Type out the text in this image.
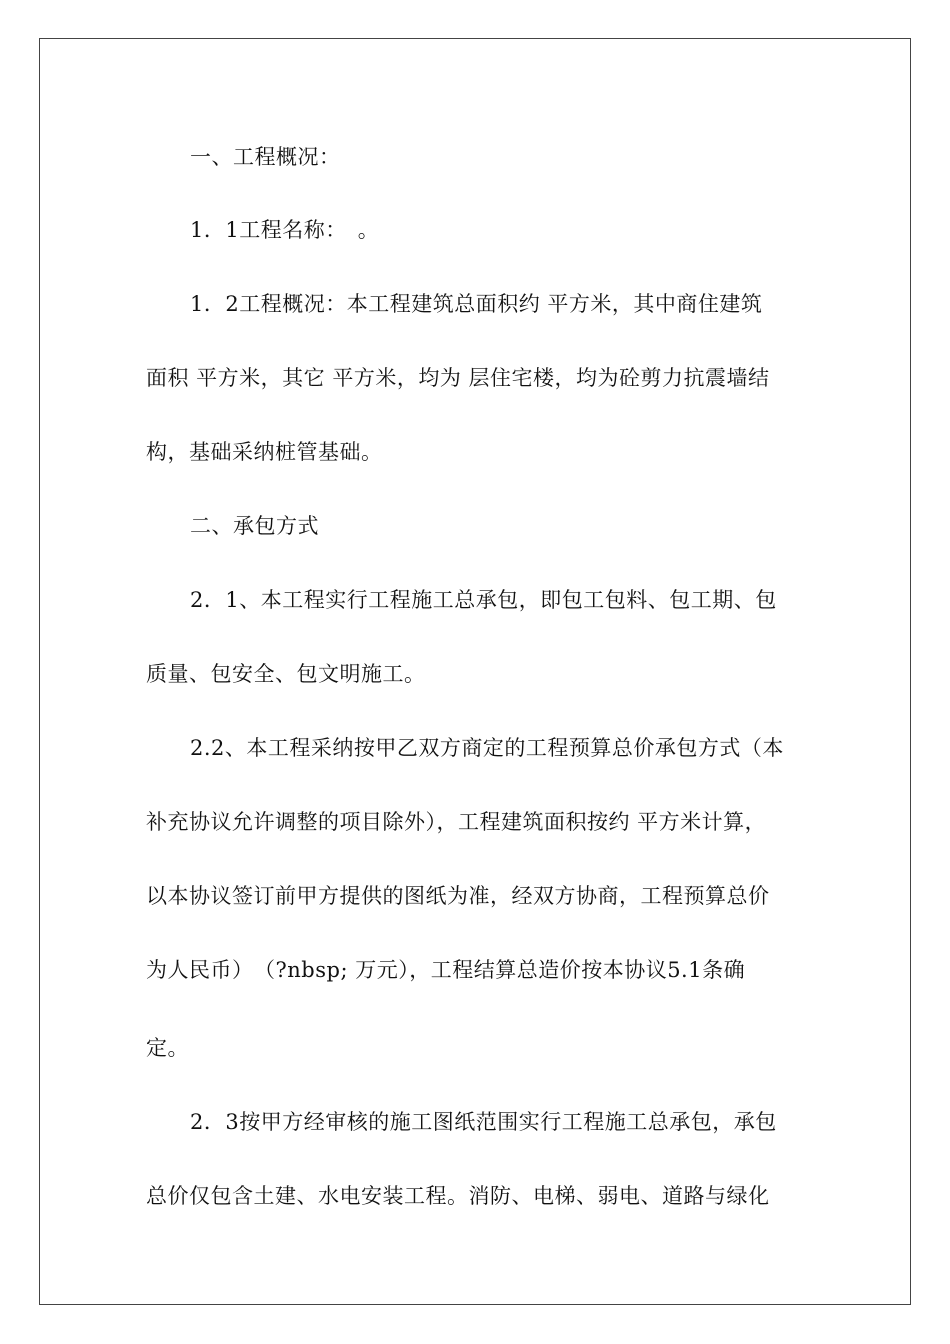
一、工程概况：

1．1工程名称：　。

1．2工程概况：本工程建筑总面积约 平方米，其中商住建筑

面积 平方米，其它 平方米，均为 层住宅楼，均为砼剪力抗震墙结

构，基础采纳桩管基础。

二、承包方式

2．1、本工程实行工程施工总承包，即包工包料、包工期、包

质量、包安全、包文明施工。

2.2、本工程采纳按甲乙双方商定的工程预算总价承包方式（本

补充协议允许调整的项目除外），工程建筑面积按约 平方米计算，

以本协议签订前甲方提供的图纸为准，经双方协商，工程预算总价

为人民币）　（?nbsp; 万元），工程结算总造价按本协议5.1条确

定。

2．3按甲方经审核的施工图纸范围实行工程施工总承包，承包

总价仅包含土建、水电安装工程。消防、电梯、弱电、道路与绿化
